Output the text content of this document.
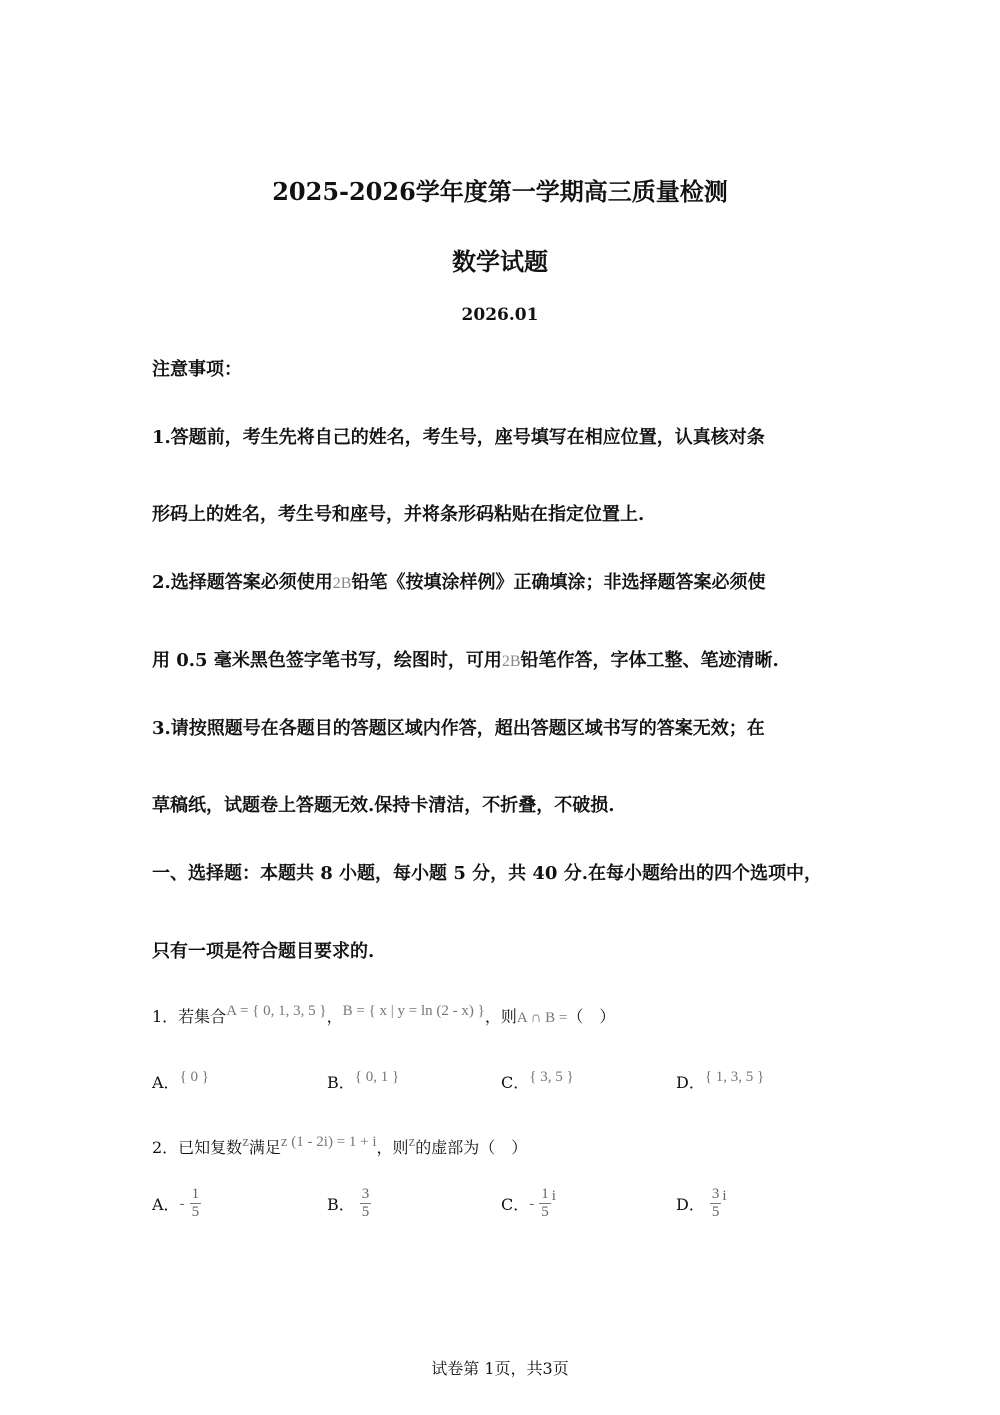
2025-2026学年度第一学期高三质量检测
数学试题
2026.01
注意事项：
1.答题前，考生先将自己的姓名，考生号，座号填写在相应位置，认真核对条
形码上的姓名，考生号和座号，并将条形码粘贴在指定位置上.
2.选择题答案必须使用2B铅笔《按填涂样例》正确填涂；非选择题答案必须使
用 0.5 毫米黑色签字笔书写，绘图时，可用2B铅笔作答，字体工整、笔迹清晰.
3.请按照题号在各题目的答题区域内作答，超出答题区域书写的答案无效；在
草稿纸，试题卷上答题无效.保持卡清洁，不折叠，不破损.
一、选择题：本题共 8 小题，每小题 5 分，共 40 分.在每小题给出的四个选项中，
只有一项是符合题目要求的.
1．若集合A = { 0, 1, 3, 5 }，B = { x | y = ln (2 - x) }，则A ∩ B =（　）
A．{ 0 }	B．{ 0, 1 }	C．{ 3, 5 }	D．{ 1, 3, 5 }
2．已知复数z满足z (1 - 2i) = 1 + i，则z的虚部为（　）
A．- $\frac{1}{5}$	B． $\frac{3}{5}$	C．- $\frac{1}{5}$ i	D． $\frac{3}{5}$ i
试卷第 1页，共3页
